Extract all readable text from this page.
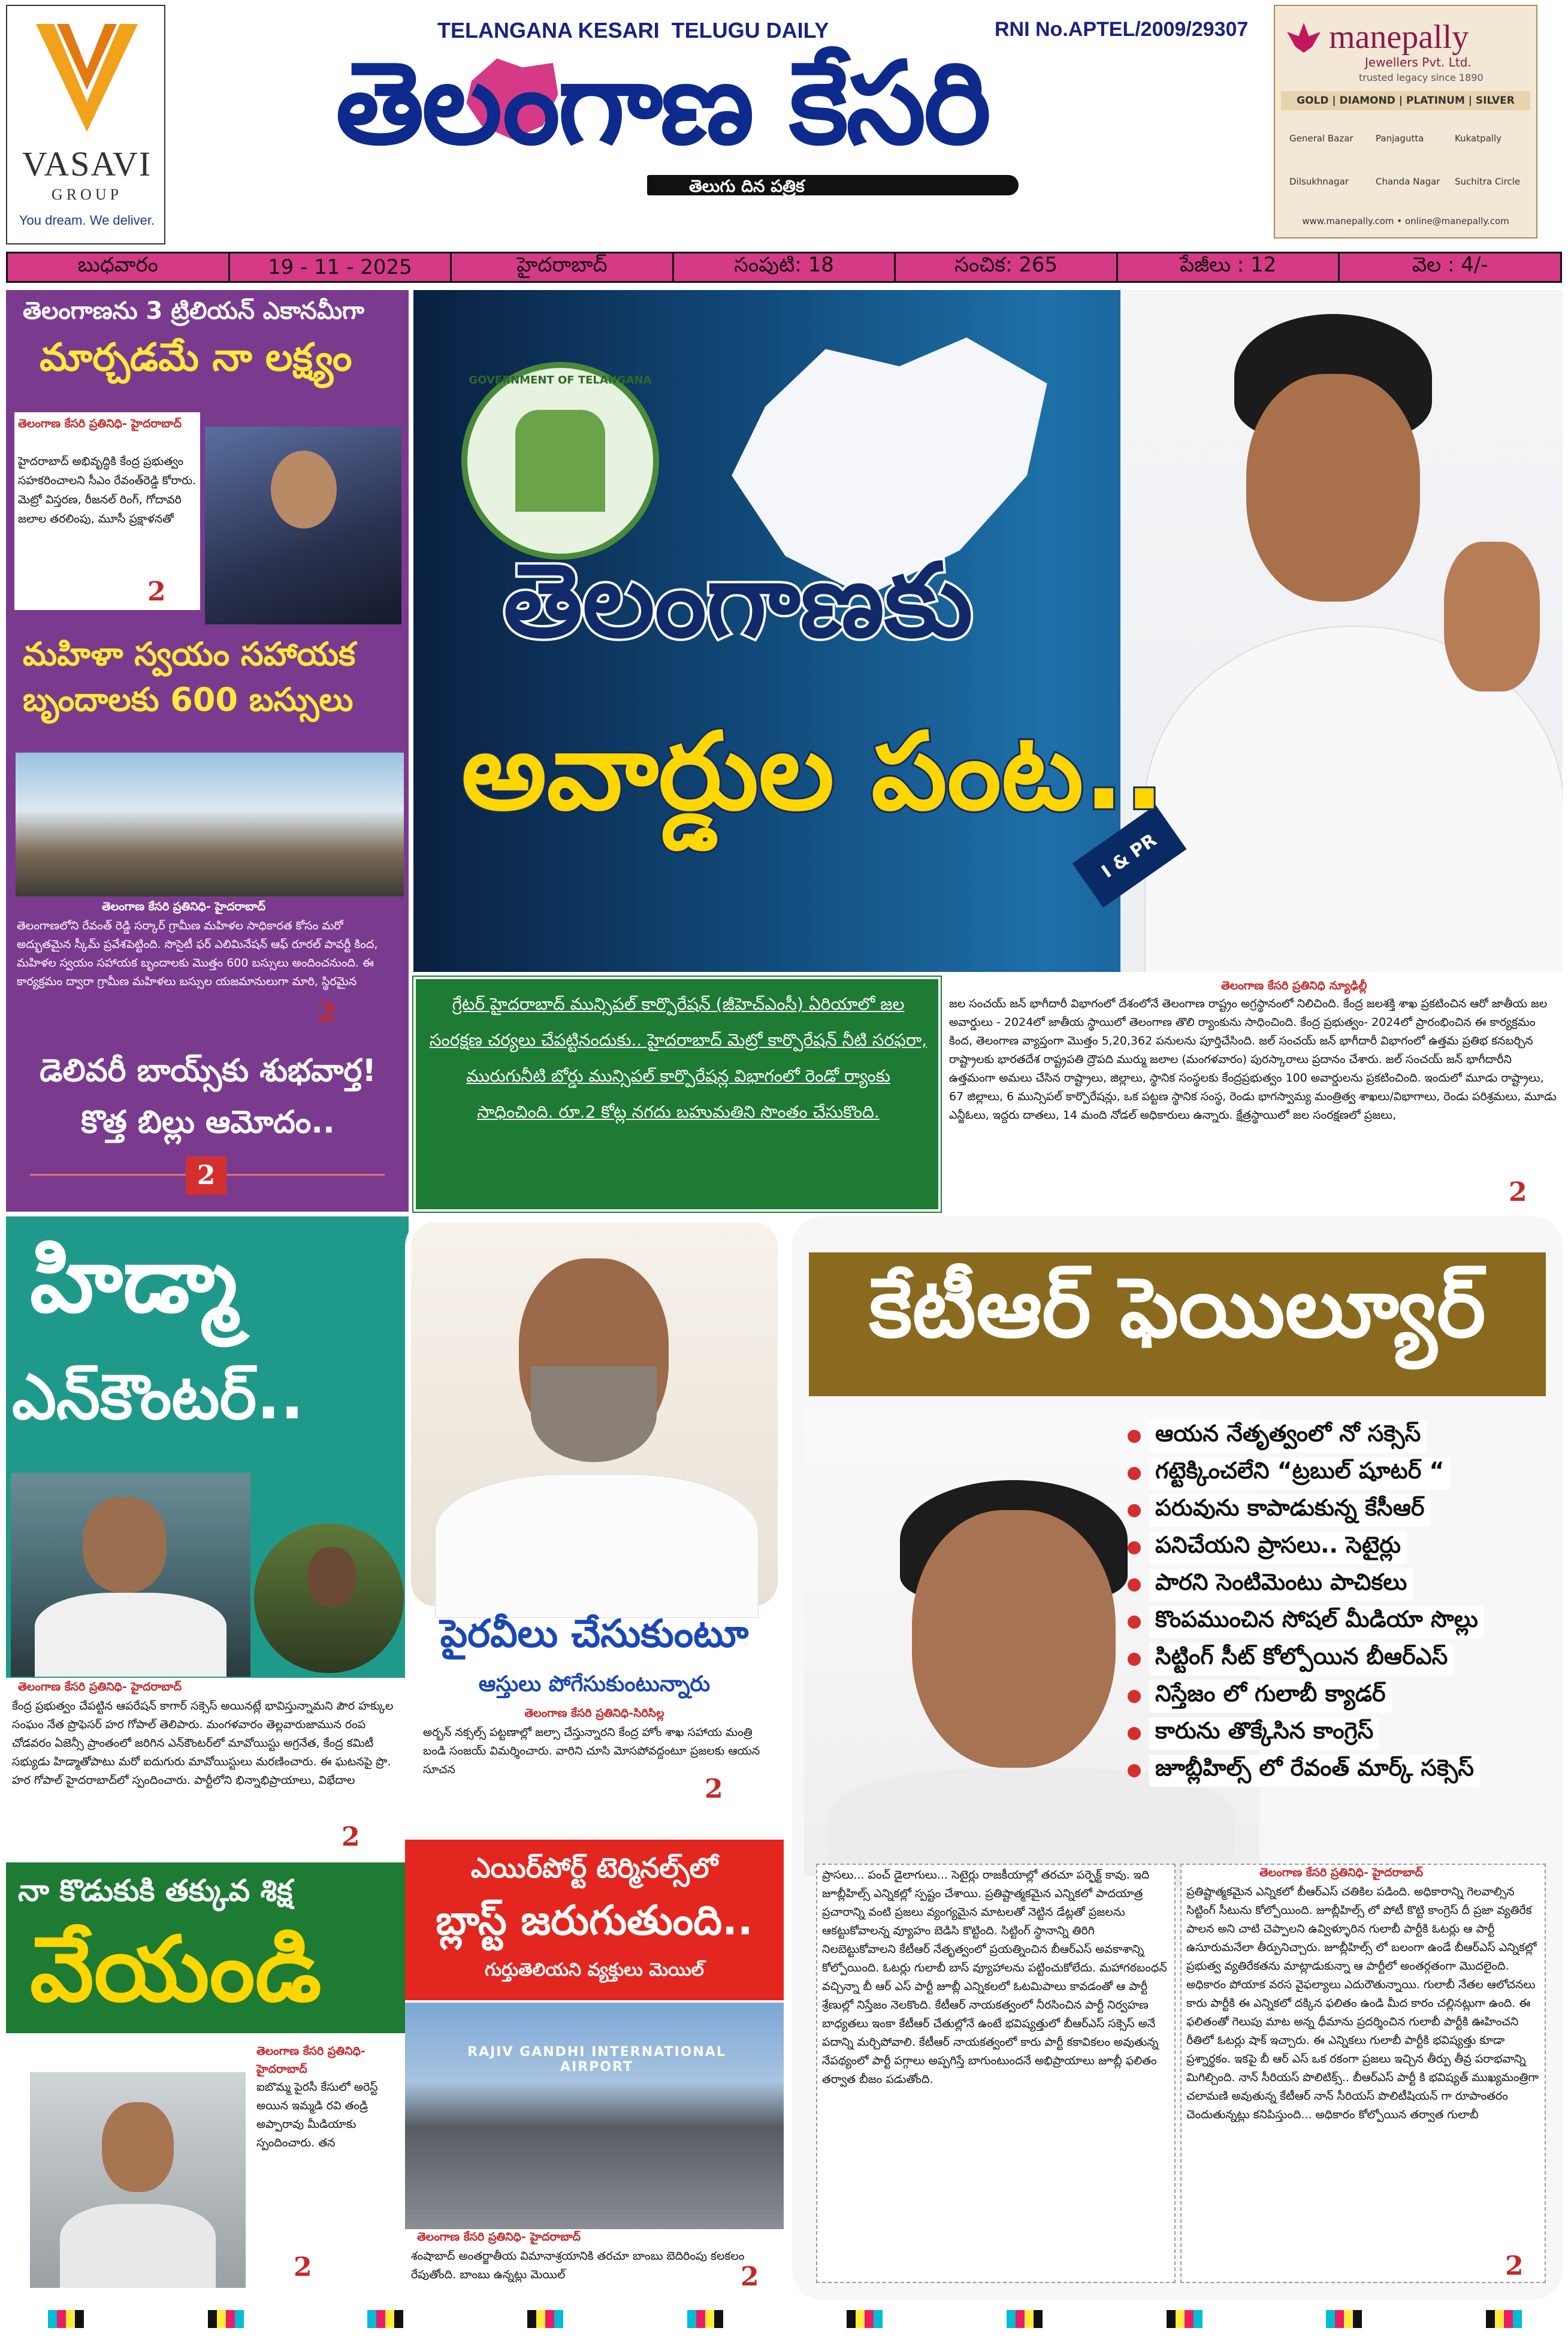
VASAVI
GROUP
You dream. We deliver.
TELANGANA KESARI  TELUGU DAILY	RNI No.APTEL/2009/29307
తెలంగాణ కేసరి
తెలుగు దిన పత్రిక
manepally
Jewellers Pvt. Ltd.
trusted legacy since 1890
GOLD | DIAMOND | PLATINUM | SILVER
General Bazar Panjagutta	Kukatpally
Dilsukhnagar	Chanda Nagar Suchitra Circle
www.manepally.com • online@manepally.com
బుధవారం	19 - 11 - 2025	హైదరాబాద్	సంపుటి: 18	సంచిక: 265	పేజీలు : 12	వెల : 4/-
తెలంగాణను 3 ట్రిలియన్ ఎకానమీగా
మార్చడమే నా లక్ష్యం
తెలంగాణ కేసరి ప్రతినిధి- హైదరాబాద్
హైదరాబాద్ అభివృద్ధికి కేంద్ర ప్రభుత్వం సహకరించాలని సీఎం రేవంత్‌రెడ్డి కోరారు. మెట్రో విస్తరణ, రీజనల్ రింగ్, గోదావరి జలాల తరలింపు, మూసీ ప్రక్షాళనతో
2
మహిళా స్వయం సహాయక బృందాలకు 600 బస్సులు
తెలంగాణ కేసరి ప్రతినిధి- హైదరాబాద్
తెలంగాణలోని రేవంత్ రెడ్డి సర్కార్ గ్రామీణ మహిళల సాధికారత కోసం మరో అద్భుతమైన స్కీమ్ ప్రవేశపెట్టింది. సొసైటీ ఫర్ ఎలిమినేషన్ ఆఫ్ రూరల్ పావర్టీ కింద, మహిళల స్వయం సహాయక బృందాలకు మొత్తం 600 బస్సులు అందించనుంది. ఈ కార్యక్రమం ద్వారా గ్రామీణ మహిళలు బస్సుల యజమానులుగా మారి, స్థిరమైన
2
డెలివరీ బాయ్స్‌కు శుభవార్త! కొత్త బిల్లు ఆమోదం..
2
GOVERNMENT OF TELANGANA
I & PR
తెలంగాణకు
అవార్డుల పంట..
గ్రేటర్ హైదరాబాద్ మున్సిపల్ కార్పొరేషన్ (జీహెచ్‌ఎంసీ) ఏరియాలో జల సంరక్షణ చర్యలు చేపట్టినందుకు.. హైదరాబాద్ మెట్రో కార్పొరేషన్ నీటి సరఫరా, మురుగునీటి బోర్డు మున్సిపల్ కార్పొరేషన్ల విభాగంలో రెండో ర్యాంకు సాధించింది. రూ.2 కోట్ల నగదు బహుమతిని సొంతం చేసుకొంది.
తెలంగాణ కేసరి ప్రతినిధి న్యూఢిల్లీ
జల సంచయ్ జన్ భాగీదారీ విభాగంలో దేశంలోనే తెలంగాణ రాష్ట్రం అగ్రస్థానంలో నిలిచింది. కేంద్ర జలశక్తి శాఖ ప్రకటించిన ఆరో జాతీయ జల అవార్డులు - 2024లో జాతీయ స్థాయిలో తెలంగాణ తొలి ర్యాంకును సాధించింది. కేంద్ర ప్రభుత్వం- 2024లో ప్రారంభించిన ఈ కార్యక్రమం కింద, తెలంగాణ వ్యాప్తంగా మొత్తం 5,20,362 పనులను పూర్తిచేసింది. జల్ సంచయ్ జన్ భాగీదారీ విభాగంలో ఉత్తమ ప్రతిభ కనబర్చిన రాష్ట్రాలకు భారతదేశ రాష్ట్రపతి ద్రౌపది ముర్ము జలాల (మంగళవారం) పురస్కారాలు ప్రదానం చేశారు. జల్ సంచయ్ జన్ భాగీదారీని ఉత్తమంగా అమలు చేసిన రాష్ట్రాలు, జిల్లాలు, స్థానిక సంస్థలకు కేంద్రప్రభుత్వం 100 అవార్డులను ప్రకటించింది. ఇందులో మూడు రాష్ట్రాలు, 67 జిల్లాలు, 6 మున్సిపల్ కార్పొరేషన్లు, ఒక పట్టణ స్థానిక సంస్థ, రెండు భాగస్వామ్య మంత్రిత్వ శాఖలు/విభాగాలు, రెండు పరిశ్రమలు, మూడు ఎన్జీఓలు, ఇద్దరు దాతలు, 14 మంది నోడల్ అధికారులు ఉన్నారు. క్షేత్రస్థాయిలో జల సంరక్షణలో ప్రజలు,
2
హిడ్మా
ఎన్‌కౌంటర్..
తెలంగాణ కేసరి ప్రతినిధి- హైదరాబాద్
కేంద్ర ప్రభుత్వం చేపట్టిన ఆపరేషన్ కాగార్ సక్సెస్ అయినట్లే భావిస్తున్నామని పౌర హక్కుల సంఘం నేత ప్రొఫెసర్ హర గోపాల్ తెలిపారు. మంగళవారం తెల్లవారుజామున రంప చోడవరం ఏజెన్సీ ప్రాంతంలో జరిగిన ఎన్‌కౌంటర్‌లో మావోయిస్టు అగ్రనేత, కేంద్ర కమిటీ సభ్యుడు హిడ్మాతోపాటు మరో ఐదుగురు మావోయిస్టులు మరణించారు. ఈ ఘటనపై ప్రొ. హర గోపాల్ హైదరాబాద్‌లో స్పందించారు. పార్టీలోని భిన్నాభిప్రాయాలు, విభేదాల
2
నా కొడుకుకి తక్కువ శిక్ష
వేయండి
తెలంగాణ కేసరి ప్రతినిధి- హైదరాబాద్
ఐబొమ్మ పైరసీ కేసులో అరెస్ట్ అయిన ఇమ్మడి రవి తండ్రి అప్పారావు మీడియాకు స్పందించారు. తన
2
పైరవీలు చేసుకుంటూ
ఆస్తులు పోగేసుకుంటున్నారు
తెలంగాణ కేసరి ప్రతినిధి-సిరిసిల్ల
అర్బన్ నక్సల్స్ పట్టణాల్లో జల్సా చేస్తున్నారని కేంద్ర హోం శాఖ సహాయ మంత్రి బండి సంజయ్ విమర్శించారు. వారిని చూసి మోసపోవద్దంటూ ప్రజలకు ఆయన సూచన
2
ఎయిర్‌పోర్ట్ టెర్మినల్స్‌లో
బ్లాస్ట్ జరుగుతుంది..
గుర్తుతెలియని వ్యక్తులు మెయిల్
RAJIV GANDHI INTERNATIONAL AIRPORT
తెలంగాణ కేసరి ప్రతినిధి- హైదరాబాద్
శంషాబాద్ అంతర్జాతీయ విమానాశ్రయానికి తరచూ బాంబు బెదిరింపు కలకలం రేపుతోంది. బాంబు ఉన్నట్లు మెయిల్	2
కేటీఆర్ ఫెయిల్యూర్
ఆయన నేతృత్వంలో నో సక్సెస్
గట్టెక్కించలేని “ట్రబుల్ షూటర్ “
పరువును కాపాడుకున్న కేసీఆర్
పనిచేయని ప్రాసలు.. సెటైర్లు
పారని సెంటిమెంటు పాచికలు
కొంపముంచిన సోషల్ మీడియా సొల్లు
సిట్టింగ్ సీట్ కోల్పోయిన బీఆర్ఎస్
నిస్తేజం లో గులాబీ క్యాడర్
కారును తొక్కేసిన కాంగ్రెస్
జూబ్లీహిల్స్ లో రేవంత్ మార్క్ సక్సెస్
ప్రాసలు... పంచ్ డైలాగులు... సెటైర్లు రాజకీయాల్లో తరచూ పర్ఫెక్ట్ కావు. ఇది జూబ్లీహిల్స్ ఎన్నికల్లో స్పష్టం చేశాయి. ప్రతిష్టాత్మకమైన ఎన్నికలో పాదయాత్ర ప్రచారాన్ని వంటి ప్రజలు వ్యంగ్యమైన మాటలతో నెట్టిన డేట్లతో ప్రజలను ఆకట్టుకోవాలన్న వ్యూహం బెడిసి కొట్టింది. సిట్టింగ్ స్థానాన్ని తిరిగి నిలబెట్టుకోవాలని కేటీఆర్ నేతృత్వంలో ప్రయత్నించిన బీఆర్ఎస్ అవకాశాన్ని కోల్పోయింది. ఓటర్లు గులాబీ బాస్ వ్యూహాలను పట్టించుకోలేదు. మహాగఠబంధన్ వచ్చిన్నా బీ ఆర్ ఎస్ పార్టీ జూబ్లీ ఎన్నికలలో ఓటమిపాలు కావడంతో ఆ పార్టీ శ్రేణుల్లో నిస్తేజం నెలకొంది. కేటీఆర్ నాయకత్వంలో నీరసించిన పార్టీ నిర్వహణ బాధ్యతలు ఇంకా కేటీఆర్ చేతుల్లోనే ఉంటే భవిష్యత్తులో బీఆర్ఎస్ సక్సెస్ అనే పదాన్ని మర్చిపోవాలి. కేటీఆర్ నాయకత్వంలో కారు పార్టీ కకావికలం అవుతున్న నేపథ్యంలో పార్టీ పగ్గాలు అప్పగిస్తే బాగుంటుందనే అభిప్రాయాలు జూబ్లీ ఫలితం తర్వాత బీజం పడుతోంది.
తెలంగాణ కేసరి ప్రతినిధి- హైదరాబాద్
ప్రతిష్టాత్మకమైన ఎన్నికలో బీఆర్ఎస్ చతికిల పడింది. అధికారాన్ని గెలవాల్సిన సిట్టింగ్ సీటును కోల్పోయింది. జూబ్లీహిల్స్ లో పోటీ కొట్టి కాంగ్రెస్ దీ ప్రజా వ్యతిరేక పాలన అని చాటి చెప్పాలని ఉవ్విళ్ళూరిన గులాబీ పార్టీకి ఓటర్లు ఆ పార్టీ ఉసూరుమనేలా తీర్పునిచ్చారు. జూబ్లీహిల్స్ లో బలంగా ఉండే బీఆర్ఎస్ ఎన్నికల్లో ప్రభుత్వ వ్యతిరేకతను మాట్లాడుకున్నా ఆ పార్టీలో అంతర్గతంగా మొదలైంది. అధికారం పోయాక వరస వైఫల్యాలు ఎదురౌతున్నాయి. గులాబీ నేతల ఆలోచనలు కారు పార్టీకి ఈ ఎన్నికలో దక్కిన ఫలితం ఉండి మీద కారం చల్లినట్లుగా ఉంది. ఈ ఫలితంతో గెలుపు మాట అన్న ధీమాను ప్రదర్శించిన గులాబీ పార్టీకి ఊహించని రీతిలో ఓటర్లు షాక్ ఇచ్చారు. ఈ ఎన్నికలు గులాబీ పార్టీకి భవిష్యత్తు కూడా ప్రశ్నార్థకం. ఇకపై బీ ఆర్ ఎస్ ఒక రకంగా ప్రజలు ఇచ్చిన తీర్పు తీవ్ర పరాభవాన్ని మిగిల్చింది. నాన్ సీరియస్ పొలిటిక్స్.. బీఆర్ఎస్ పార్టీ కి భవిష్యత్ ముఖ్యమంత్రిగా చలామణి అవుతున్న కేటీఆర్ నాన్ సీరియస్ పొలిటీషియన్ గా రూపాంతరం చెందుతున్నట్లు కనిపిస్తుంది... అధికారం కోల్పోయిన తర్వాత గులాబీ
2
